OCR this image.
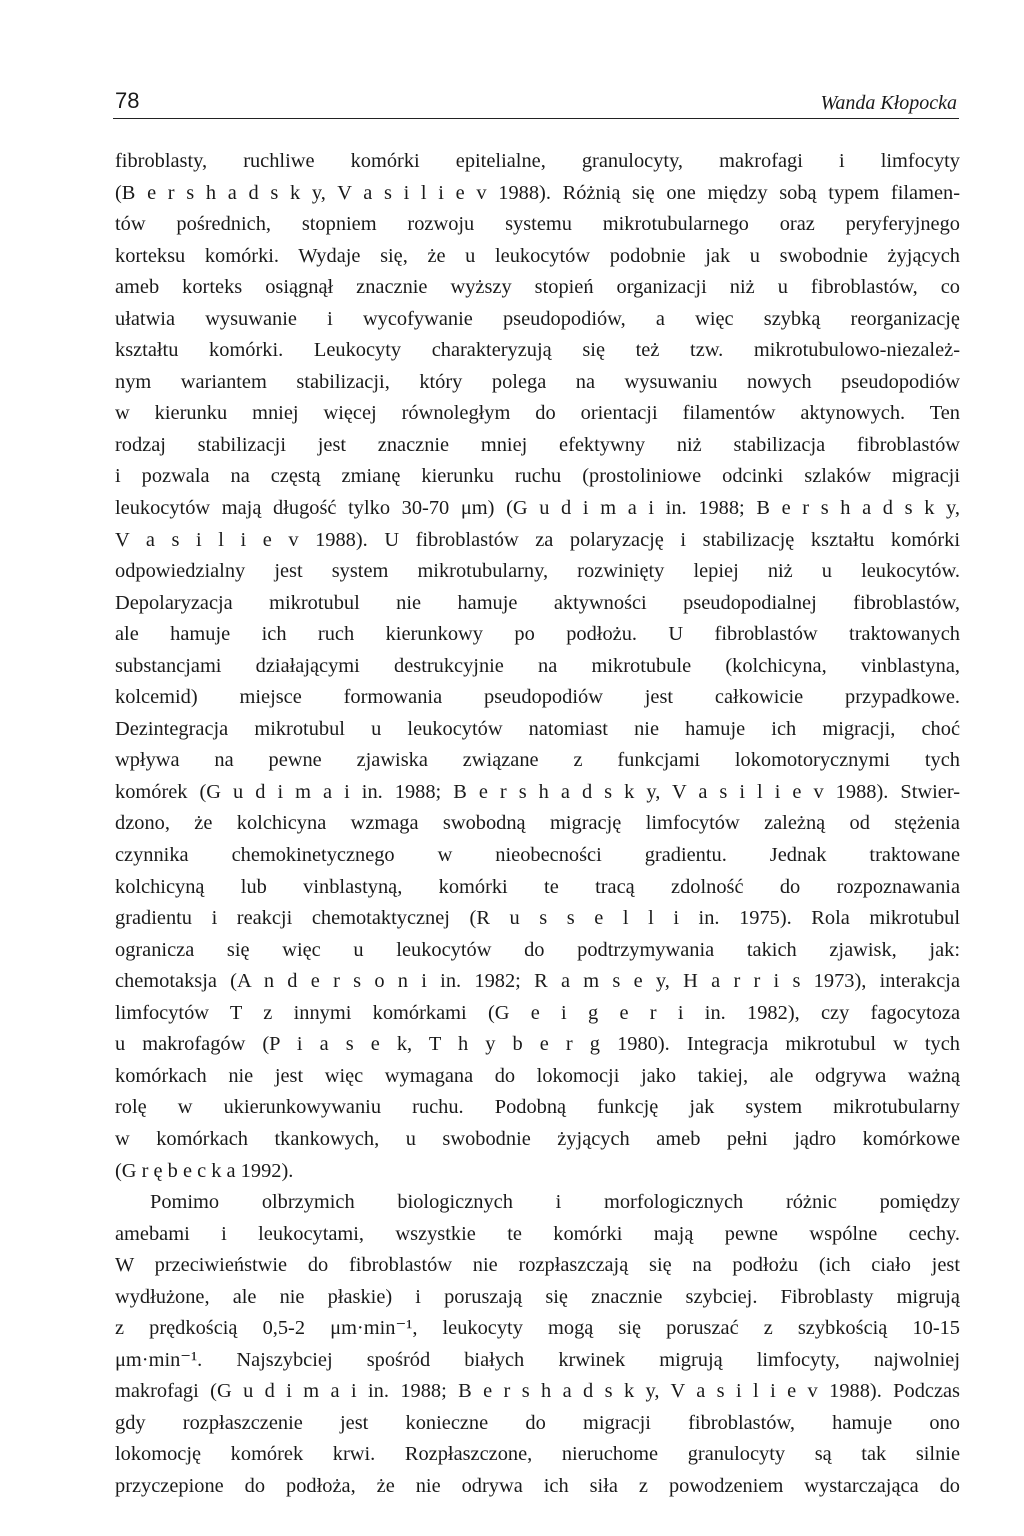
78	Wanda Kłopocka
fibroblasty, ruchliwe komórki epitelialne, granulocyty, makrofagi i limfocyty
(B e r s h a d s k y, V a s i l i e v 1988). Różnią się one między sobą typem filamen-
tów pośrednich, stopniem rozwoju systemu mikrotubularnego oraz peryferyjnego
korteksu komórki. Wydaje się, że u leukocytów podobnie jak u swobodnie żyjących
ameb korteks osiągnął znacznie wyższy stopień organizacji niż u fibroblastów, co
ułatwia wysuwanie i wycofywanie pseudopodiów, a więc szybką reorganizację
kształtu komórki. Leukocyty charakteryzują się też tzw. mikrotubulowo-niezależ-
nym wariantem stabilizacji, który polega na wysuwaniu nowych pseudopodiów
w kierunku mniej więcej równoległym do orientacji filamentów aktynowych. Ten
rodzaj stabilizacji jest znacznie mniej efektywny niż stabilizacja fibroblastów
i pozwala na częstą zmianę kierunku ruchu (prostoliniowe odcinki szlaków migracji
leukocytów mają długość tylko 30-70 μm) (G u d i m a i in. 1988; B e r s h a d s k y,
V a s i l i e v 1988). U fibroblastów za polaryzację i stabilizację kształtu komórki
odpowiedzialny jest system mikrotubularny, rozwinięty lepiej niż u leukocytów.
Depolaryzacja mikrotubul nie hamuje aktywności pseudopodialnej fibroblastów,
ale hamuje ich ruch kierunkowy po podłożu. U fibroblastów traktowanych
substancjami działającymi destrukcyjnie na mikrotubule (kolchicyna, vinblastyna,
kolcemid) miejsce formowania pseudopodiów jest całkowicie przypadkowe.
Dezintegracja mikrotubul u leukocytów natomiast nie hamuje ich migracji, choć
wpływa na pewne zjawiska związane z funkcjami lokomotorycznymi tych
komórek (G u d i m a i in. 1988; B e r s h a d s k y, V a s i l i e v 1988). Stwier-
dzono, że kolchicyna wzmaga swobodną migrację limfocytów zależną od stężenia
czynnika chemokinetycznego w nieobecności gradientu. Jednak traktowane
kolchicyną lub vinblastyną, komórki te tracą zdolność do rozpoznawania
gradientu i reakcji chemotaktycznej (R u s s e l l i in. 1975). Rola mikrotubul
ogranicza się więc u leukocytów do podtrzymywania takich zjawisk, jak:
chemotaksja (A n d e r s o n i in. 1982; R a m s e y, H a r r i s 1973), interakcja
limfocytów T z innymi komórkami (G e i g e r i in. 1982), czy fagocytoza
u makrofagów (P i a s e k, T h y b e r g 1980). Integracja mikrotubul w tych
komórkach nie jest więc wymagana do lokomocji jako takiej, ale odgrywa ważną
rolę w ukierunkowywaniu ruchu. Podobną funkcję jak system mikrotubularny
w komórkach tkankowych, u swobodnie żyjących ameb pełni jądro komórkowe
(G r ę b e c k a 1992).
Pomimo olbrzymich biologicznych i morfologicznych różnic pomiędzy
amebami i leukocytami, wszystkie te komórki mają pewne wspólne cechy.
W przeciwieństwie do fibroblastów nie rozpłaszczają się na podłożu (ich ciało jest
wydłużone, ale nie płaskie) i poruszają się znacznie szybciej. Fibroblasty migrują
z prędkością 0,5-2 μm·min⁻¹, leukocyty mogą się poruszać z szybkością 10-15
μm·min⁻¹. Najszybciej spośród białych krwinek migrują limfocyty, najwolniej
makrofagi (G u d i m a i in. 1988; B e r s h a d s k y, V a s i l i e v 1988). Podczas
gdy rozpłaszczenie jest konieczne do migracji fibroblastów, hamuje ono
lokomocję komórek krwi. Rozpłaszczone, nieruchome granulocyty są tak silnie
przyczepione do podłoża, że nie odrywa ich siła z powodzeniem wystarczająca do
